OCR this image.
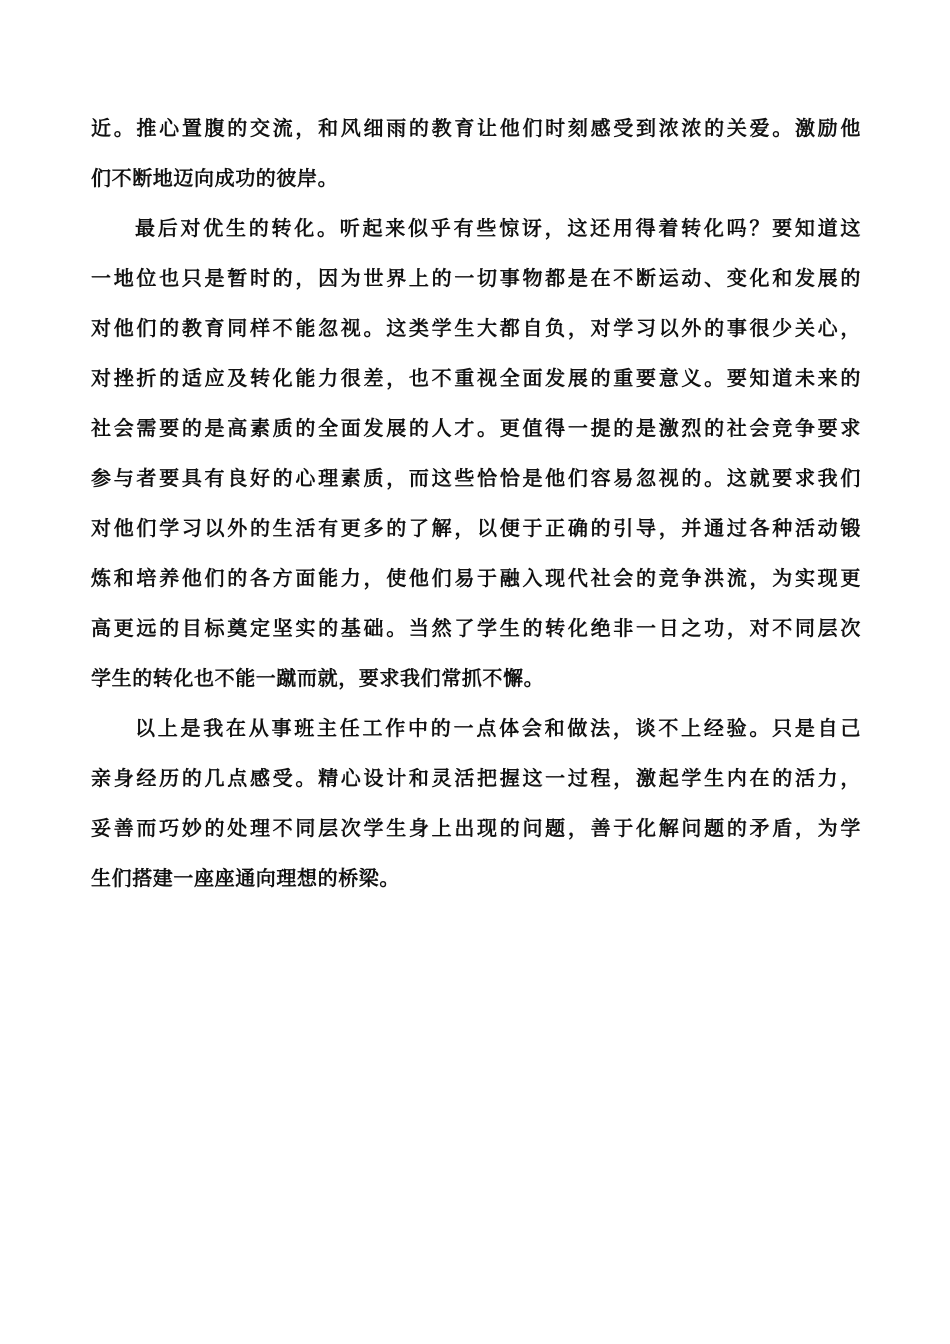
近。推心置腹的交流，和风细雨的教育让他们时刻感受到浓浓的关爱。激励他
们不断地迈向成功的彼岸。
最后对优生的转化。听起来似乎有些惊讶，这还用得着转化吗？要知道这
一地位也只是暂时的，因为世界上的一切事物都是在不断运动、变化和发展的
对他们的教育同样不能忽视。这类学生大都自负，对学习以外的事很少关心，
对挫折的适应及转化能力很差，也不重视全面发展的重要意义。要知道未来的
社会需要的是高素质的全面发展的人才。更值得一提的是激烈的社会竞争要求
参与者要具有良好的心理素质，而这些恰恰是他们容易忽视的。这就要求我们
对他们学习以外的生活有更多的了解，以便于正确的引导，并通过各种活动锻
炼和培养他们的各方面能力，使他们易于融入现代社会的竞争洪流，为实现更
高更远的目标奠定坚实的基础。当然了学生的转化绝非一日之功，对不同层次
学生的转化也不能一蹴而就，要求我们常抓不懈。
以上是我在从事班主任工作中的一点体会和做法，谈不上经验。只是自己
亲身经历的几点感受。精心设计和灵活把握这一过程，激起学生内在的活力，
妥善而巧妙的处理不同层次学生身上出现的问题，善于化解问题的矛盾，为学
生们搭建一座座通向理想的桥梁。
